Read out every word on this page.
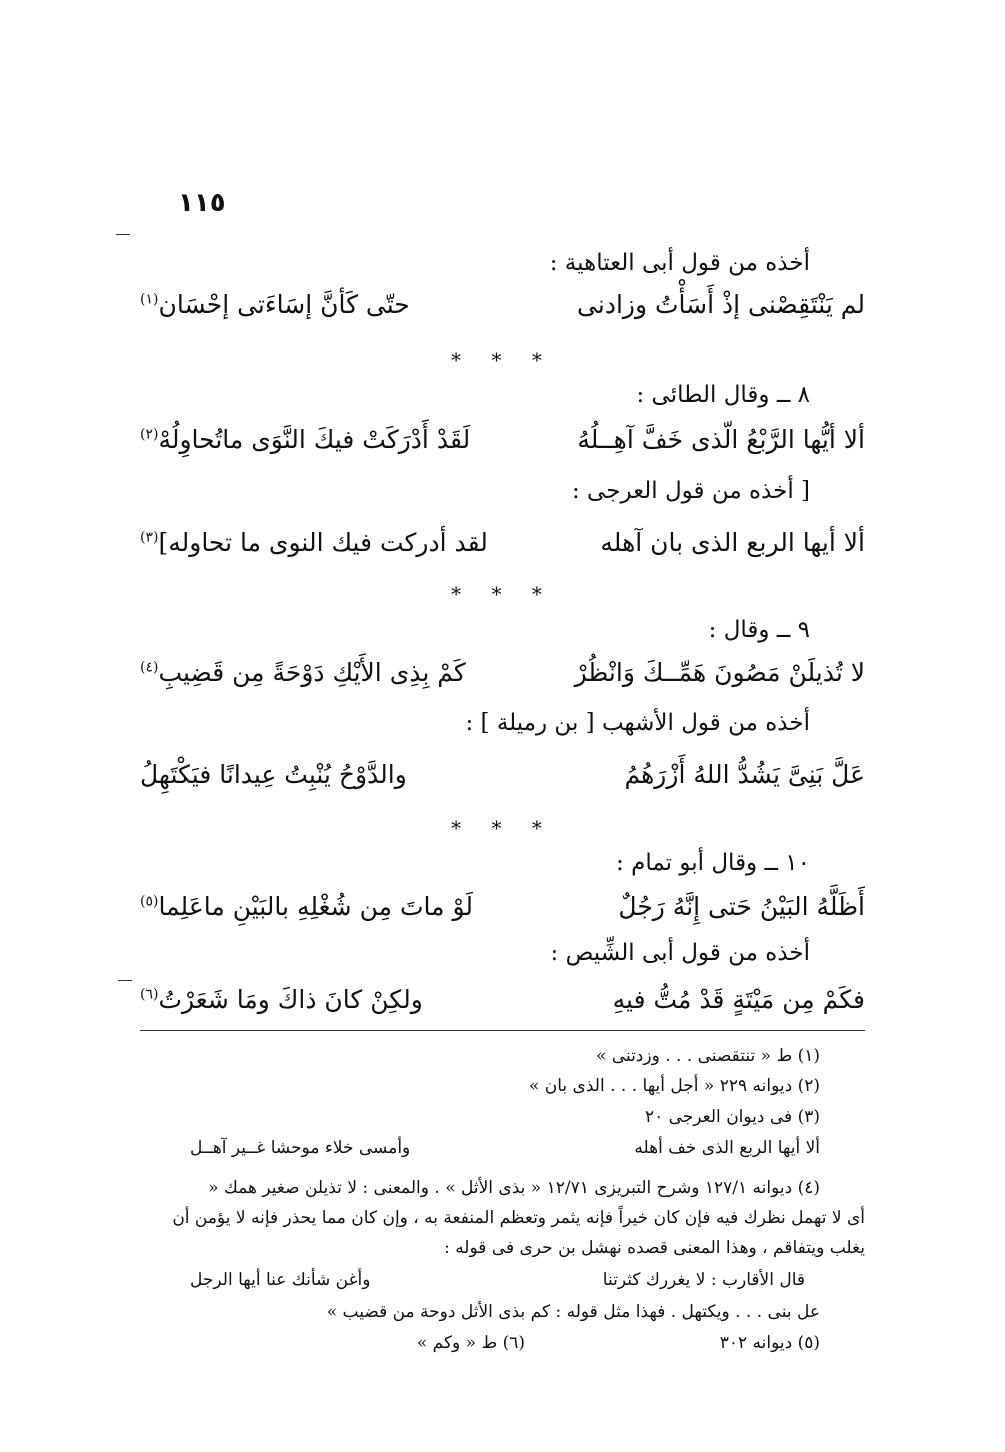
١١٥
أخذه من قول أبى العتاهية :
لم يَنْتَقِصْنى إذْ أَسَأْتُ وزادنى
حتّى كَأنَّ إسَاءَتى إحْسَان$^{(١)}$
* * *
٨ ــ وقال الطائى :
ألا أيُّها الرَّبْعُ الّذى خَفَّ آهِــلُهُ
لَقَدْ أَدْرَكَتْ فيكَ النَّوَى ماتُحاوِلُهْ$^{(٢)}$
[ أخذه من قول العرجى :
ألا أيها الربع الذى بان آهله
لقد أدركت فيك النوى ما تحاوله]$^{(٣)}$
* * *
٩ ــ وقال :
لا تُذيلَنْ مَصُونَ هَمِّــكَ وَانْظُرْ
كَمْ بِذِى الأَيْكِ دَوْحَةً مِن قَضِيبِ$^{(٤)}$
أخذه من قول الأشهب [ بن رميلة ] :
عَلَّ بَنِىَّ يَشُدُّ اللهُ أَزْرَهُمُ
والدَّوْحُ يُنْبِتُ عِيدانًا فيَكْتَهِلُ
* * *
١٠ ــ وقال أبو تمام :
أَظَلَّهُ البَيْنُ حَتى إِنَّهُ رَجُلٌ
لَوْ ماتَ مِن شُغْلِهِ بالبَيْنِ ماعَلِما$^{(٥)}$
أخذه من قول أبى الشِّيص :
فكَمْ مِن مَيْتَةٍ قَدْ مُتُّ فيهِ
ولكِنْ كانَ ذاكَ ومَا شَعَرْتُ$^{(٦)}$
(١) ط « تنتقصنى . . . وزدتنى »
(٢) ديوانه ٢٢٩ « أجل أيها . . . الذى بان »
(٣) فى ديوان العرجى ٢٠
ألا أيها الربع الذى خف أهله
وأمسى خلاء موحشا غــير آهــل
(٤) ديوانه ١٢٧/١ وشرح التبريزى ١٢/٧١ « بذى الأثل » . والمعنى : لا تذيلن صغير همك «
أى لا تهمل نظرك فيه فإن كان خيراً فإنه يثمر وتعظم المنفعة به ، وإن كان مما يحذر فإنه لا يؤمن أن
يغلب ويتفاقم ، وهذا المعنى قصده نهشل بن حرى فى قوله :
قال الأقارب : لا يغررك كثرتنا
وأغن شأنك عنا أيها الرجل
عل بنى . . . ويكتهل . فهذا مثل قوله : كم بذى الأثل دوحة من قضيب »
(٥) ديوانه ٣٠٢
(٦) ط « وكم »
